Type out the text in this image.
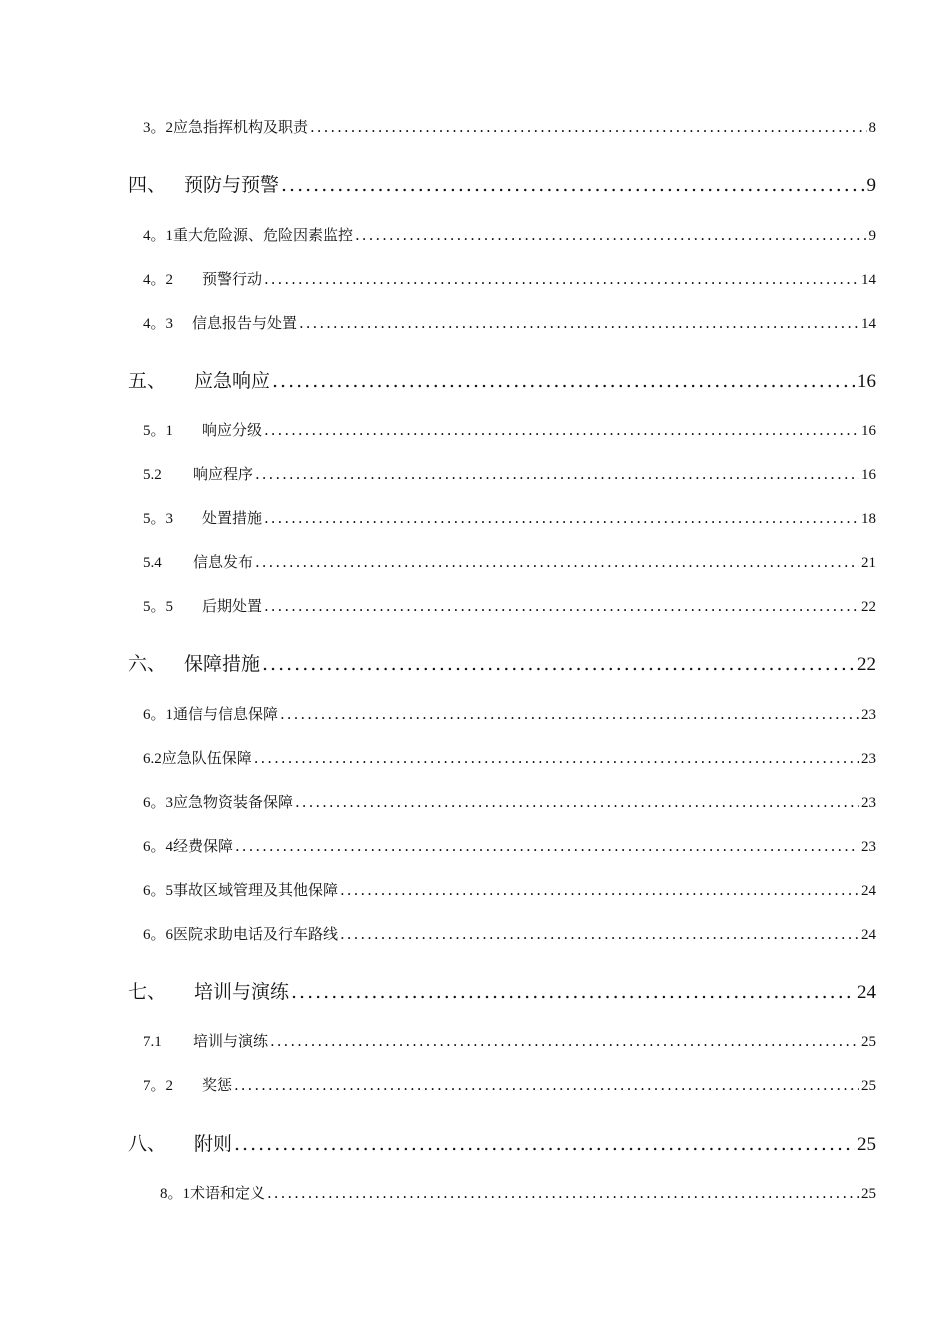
3。2应急指挥机构及职责 .....	8
四、 预防与预警 .....	9
4。1重大危险源、危险因素监控 .....	9
4。2 预警行动 .....	14
4。3 信息报告与处置 .....	14
五、 应急响应 .....	16
5。1 响应分级 .....	16
5.2 响应程序 .....	16
5。3 处置措施 .....	18
5.4 信息发布 .....	21
5。5 后期处置 .....	22
六、 保障措施 .....	22
6。1通信与信息保障 .....	23
6.2应急队伍保障 .....	23
6。3应急物资装备保障 .....	23
6。4经费保障 .....	23
6。5事故区域管理及其他保障 .....	24
6。6医院求助电话及行车路线 .....	24
七、 培训与演练 .....	24
7.1 培训与演练 .....	25
7。2 奖惩 .....	25
八、 附则 .....	25
8。1术语和定义 .....	25
